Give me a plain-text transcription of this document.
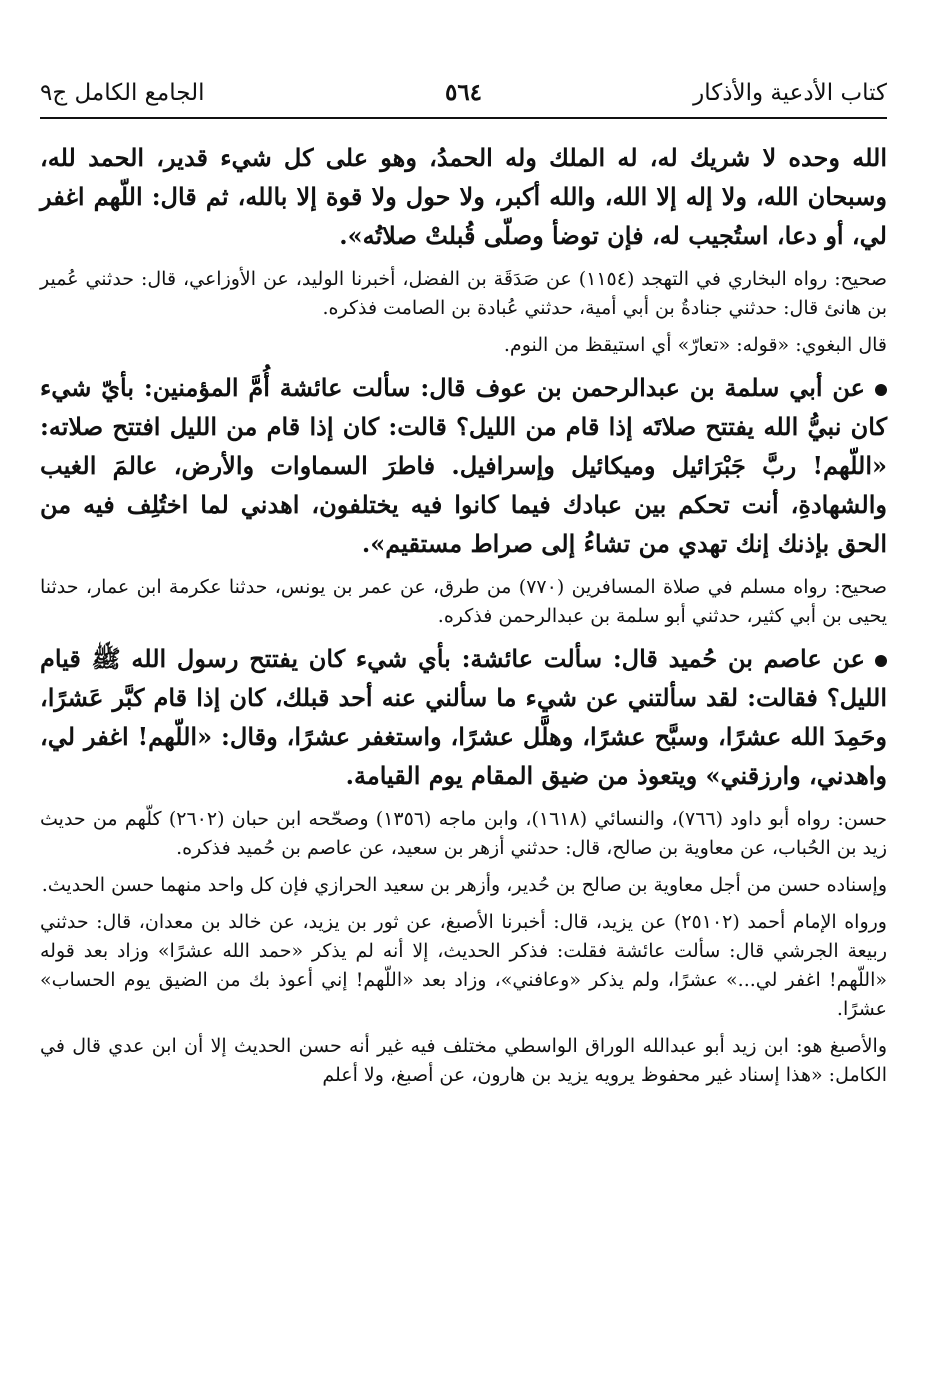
كتاب الأدعية والأذكار
٥٦٤
الجامع الكامل ج٩

الله وحده لا شريك له، له الملك وله الحمدُ، وهو على كل شيء قدير، الحمد لله، وسبحان الله، ولا إله إلا الله، والله أكبر، ولا حول ولا قوة إلا بالله، ثم قال: اللّهم اغفر لي، أو دعا، استُجيب له، فإن توضأ وصلّى قُبلتْ صلاتُه».

صحيح: رواه البخاري في التهجد (١١٥٤) عن صَدَقَة بن الفضل، أخبرنا الوليد، عن الأوزاعي، قال: حدثني عُمير بن هانئ قال: حدثني جنادةُ بن أبي أمية، حدثني عُبادة بن الصامت فذكره.

قال البغوي: «قوله: «تعارّ» أي استيقظ من النوم.

عن أبي سلمة بن عبدالرحمن بن عوف قال: سألت عائشة أُمَّ المؤمنين: بأيّ شيء كان نبيُّ الله يفتتح صلاتَه إذا قام من الليل؟ قالت: كان إذا قام من الليل افتتح صلاته: «اللّهم! ربَّ جَبْرَائيل وميكائيل وإسرافيل. فاطرَ السماوات والأرض، عالمَ الغيب والشهادةِ، أنت تحكم بين عبادك فيما كانوا فيه يختلفون، اهدني لما اختُلِف فيه من الحق بإذنك إنك تهدي من تشاءُ إلى صراط مستقيم».

صحيح: رواه مسلم في صلاة المسافرين (٧٧٠) من طرق، عن عمر بن يونس، حدثنا عكرمة ابن عمار، حدثنا يحيى بن أبي كثير، حدثني أبو سلمة بن عبدالرحمن فذكره.

عن عاصم بن حُميد قال: سألت عائشة: بأي شيء كان يفتتح رسول الله ﷺ قيام الليل؟ فقالت: لقد سألتني عن شيء ما سألني عنه أحد قبلك، كان إذا قام كبَّر عَشرًا، وحَمِدَ الله عشرًا، وسبَّح عشرًا، وهلَّل عشرًا، واستغفر عشرًا، وقال: «اللّهم! اغفر لي، واهدني، وارزقني» ويتعوذ من ضيق المقام يوم القيامة.

حسن: رواه أبو داود (٧٦٦)، والنسائي (١٦١٨)، وابن ماجه (١٣٥٦) وصحّحه ابن حبان (٢٦٠٢) كلّهم من حديث زيد بن الحُباب، عن معاوية بن صالح، قال: حدثني أزهر بن سعيد، عن عاصم بن حُميد فذكره.

وإسناده حسن من أجل معاوية بن صالح بن حُدير، وأزهر بن سعيد الحرازي فإن كل واحد منهما حسن الحديث.

ورواه الإمام أحمد (٢٥١٠٢) عن يزيد، قال: أخبرنا الأصبغ، عن ثور بن يزيد، عن خالد بن معدان، قال: حدثني ربيعة الجرشي قال: سألت عائشة فقلت: فذكر الحديث، إلا أنه لم يذكر «حمد الله عشرًا» وزاد بعد قوله «اللّهم! اغفر لي...» عشرًا، ولم يذكر «وعافني»، وزاد بعد «اللّهم! إني أعوذ بك من الضيق يوم الحساب» عشرًا.

والأصبغ هو: ابن زيد أبو عبدالله الوراق الواسطي مختلف فيه غير أنه حسن الحديث إلا أن ابن عدي قال في الكامل: «هذا إسناد غير محفوظ يرويه يزيد بن هارون، عن أصبغ، ولا أعلم
